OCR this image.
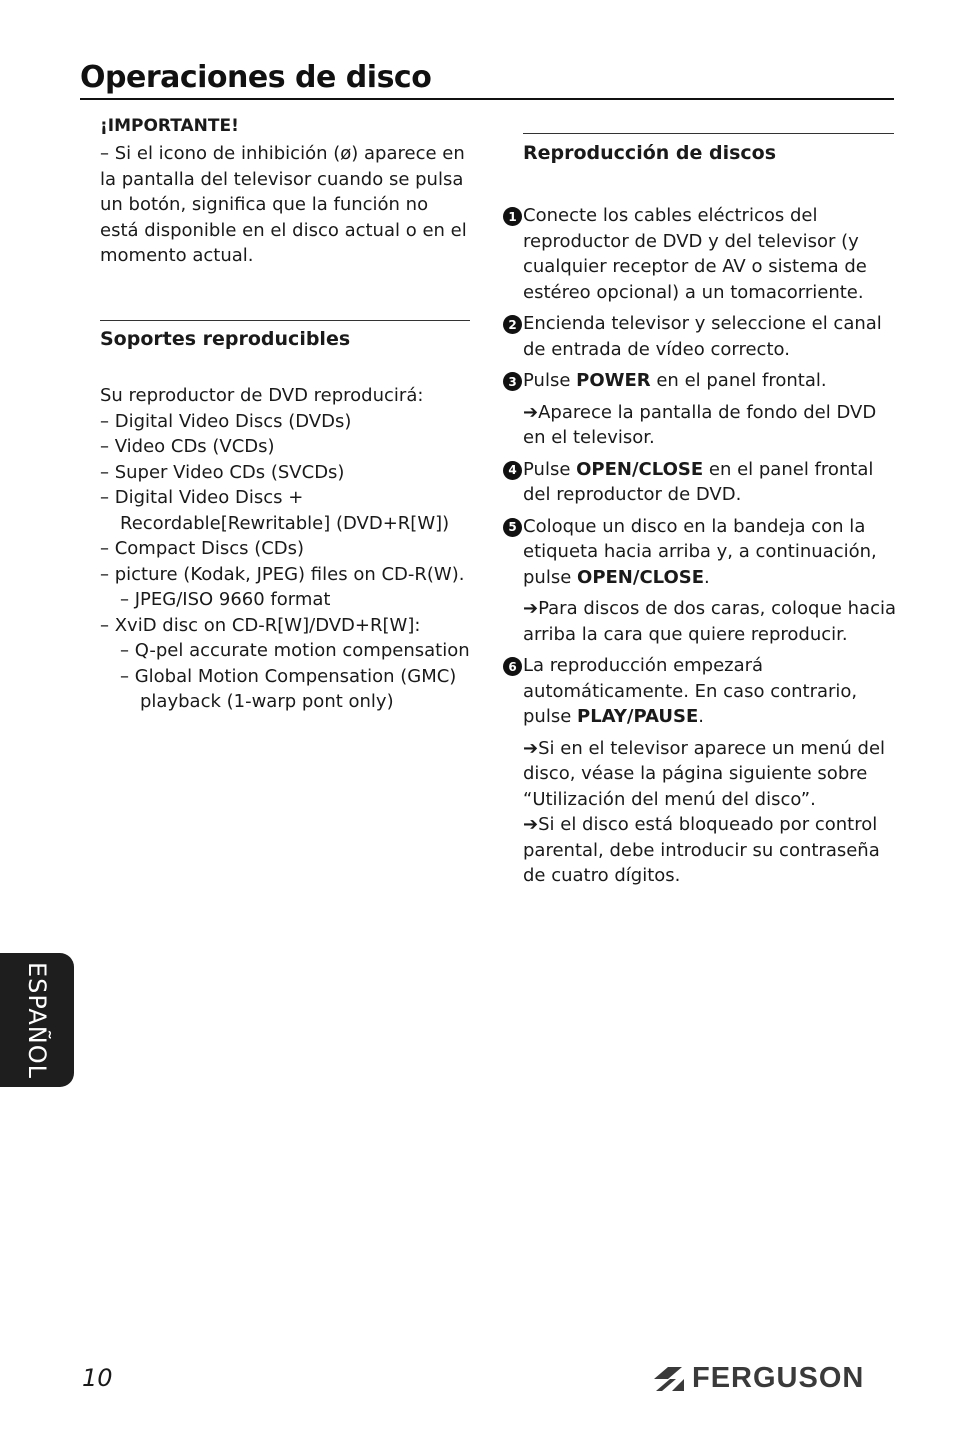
Operaciones de disco
¡IMPORTANTE!
– Si el icono de inhibición (ø) aparece en la pantalla del televisor cuando se pulsa un botón, significa que la función no está disponible en el disco actual o en el momento actual.
Soportes reproducibles
Su reproductor de DVD reproducirá:
– Digital Video Discs (DVDs)
– Video CDs (VCDs)
– Super Video CDs (SVCDs)
– Digital Video Discs +
Recordable[Rewritable] (DVD+R[W])
– Compact Discs (CDs)
– picture (Kodak, JPEG) files on CD-R(W).
– JPEG/ISO 9660 format
– XviD disc on CD-R[W]/DVD+R[W]:
– Q-pel accurate motion compensation
– Global Motion Compensation (GMC)
playback (1-warp pont only)
Reproducción de discos
1 Conecte los cables eléctricos del reproductor de DVD y del televisor (y cualquier receptor de AV o sistema de estéreo opcional) a un tomacorriente.
2 Encienda televisor y seleccione el canal de entrada de vídeo correcto.
3 Pulse POWER en el panel frontal.
➔Aparece la pantalla de fondo del DVD en el televisor.
4 Pulse OPEN/CLOSE en el panel frontal del reproductor de DVD.
5 Coloque un disco en la bandeja con la etiqueta hacia arriba y, a continuación, pulse OPEN/CLOSE.
➔Para discos de dos caras, coloque hacia arriba la cara que quiere reproducir.
6 La reproducción empezará automáticamente. En caso contrario, pulse PLAY/PAUSE.
➔Si en el televisor aparece un menú del disco, véase la página siguiente sobre “Utilización del menú del disco”.
➔Si el disco está bloqueado por control parental, debe introducir su contraseña de cuatro dígitos.
ESPAÑOL
10	FERGUSON
